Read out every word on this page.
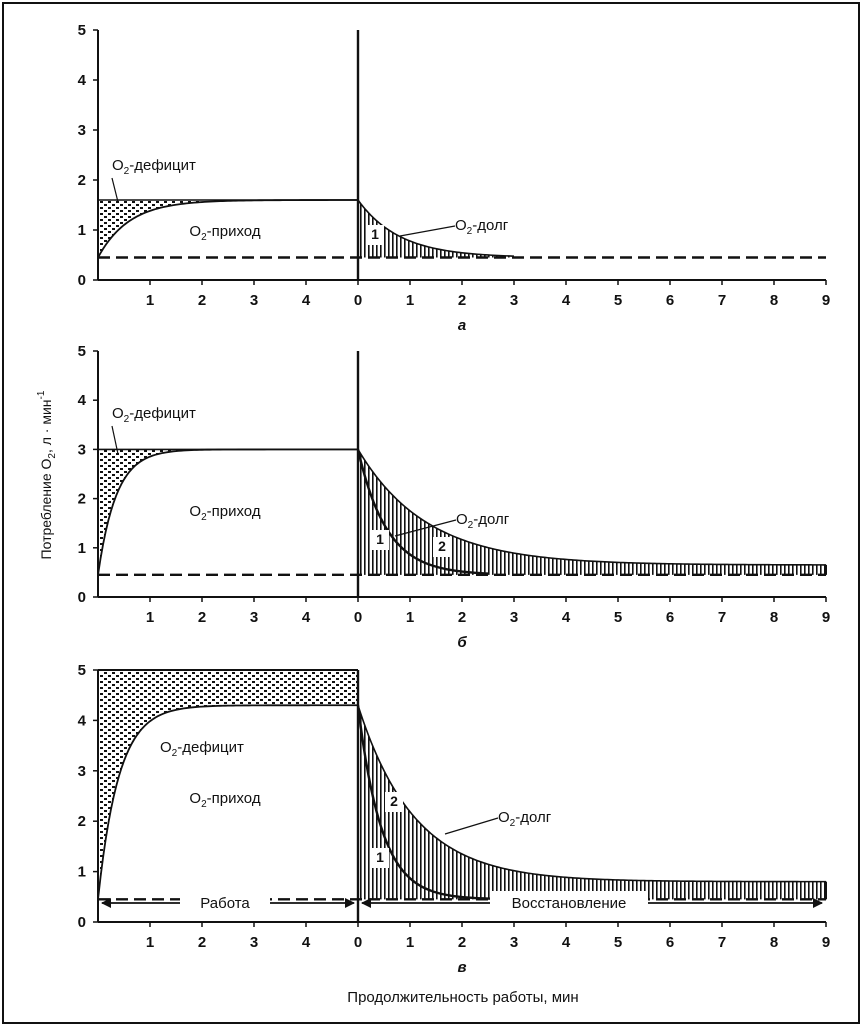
0
1
2
3
4
5
1	2	3	4	0	1	2	3	4	5	6	7	8	9
а
$O_2$-приход
$O_2$-дефицит
$O_2$-долг
1
0
1
2
3
4
5
1	2	3	4	0	1	2	3	4	5	6	7	8	9
б
$O_2$-приход
$O_2$-дефицит
$O_2$-долг
1	2
0
1
2
3
4
5
1	2	3	4	0	1	2	3	4	5	6	7	8	9
в
$O_2$-приход
$O_2$-дефицит
$O_2$-долг
1
2
Работа	Восстановление
Потребление $O_2$, л · мин$^{-1}$
Продолжительность работы, мин
